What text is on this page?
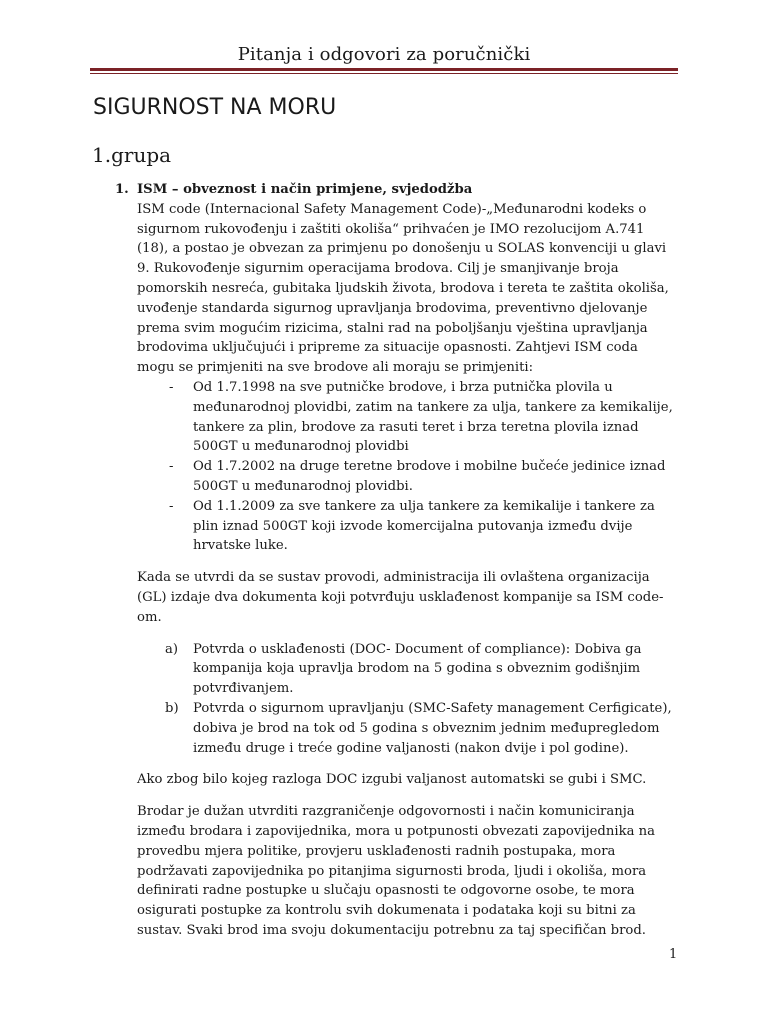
Pitanja i odgovori za poručnički
SIGURNOST NA MORU
1.grupa
1. ISM – obveznost i način primjene, svjedodžba

ISM code (Internacional Safety Management Code)-„Međunarodni kodeks o sigurnom rukovođenju i zaštiti okoliša“ prihvaćen je IMO rezolucijom A.741 (18), a postao je obvezan za primjenu po donošenju u SOLAS konvenciji u glavi 9. Rukovođenje sigurnim operacijama brodova. Cilj je smanjivanje broja pomorskih nesreća, gubitaka ljudskih života, brodova i tereta te zaštita okoliša, uvođenje standarda sigurnog upravljanja brodovima, preventivno djelovanje prema svim mogućim rizicima, stalni rad na poboljšanju vještina upravljanja brodovima uključujući i pripreme za situacije opasnosti. Zahtjevi ISM coda mogu se primjeniti na sve brodove ali moraju se primjeniti:

- Od 1.7.1998 na sve putničke brodove, i brza putnička plovila u međunarodnoj plovidbi, zatim na tankere za ulja, tankere za kemikalije, tankere za plin, brodove za rasuti teret i brza teretna plovila iznad 500GT u međunarodnoj plovidbi
- Od 1.7.2002 na druge teretne brodove i mobilne bučeće jedinice iznad 500GT u međunarodnoj plovidbi.
- Od 1.1.2009 za sve tankere za ulja tankere za kemikalije i tankere za plin iznad 500GT koji izvode komercijalna putovanja između dvije hrvatske luke.

Kada se utvrdi da se sustav provodi, administracija ili ovlaštena organizacija (GL) izdaje dva dokumenta koji potvrđuju usklađenost kompanije sa ISM code-om.

a) Potvrda o usklađenosti (DOC- Document of compliance): Dobiva ga kompanija koja upravlja brodom na 5 godina s obveznim godišnjim potvrđivanjem.
b) Potvrda o sigurnom upravljanju (SMC-Safety management Cerfigicate), dobiva je brod na tok od 5 godina s obveznim jednim međupregledom između druge i treće godine valjanosti (nakon dvije i pol godine).

Ako zbog bilo kojeg razloga DOC izgubi valjanost automatski se gubi i SMC.

Brodar je dužan utvrditi razgraničenje odgovornosti i način komuniciranja između brodara i zapovijednika, mora u potpunosti obvezati zapovijednika na provedbu mjera politike, provjeru usklađenosti radnih postupaka, mora podržavati zapovijednika po pitanjima sigurnosti broda, ljudi i okoliša, mora definirati radne postupke u slučaju opasnosti te odgovorne osobe, te mora osigurati postupke za kontrolu svih dokumenata i podataka koji su bitni za sustav. Svaki brod ima svoju dokumentaciju potrebnu za taj specifičan brod.

1
